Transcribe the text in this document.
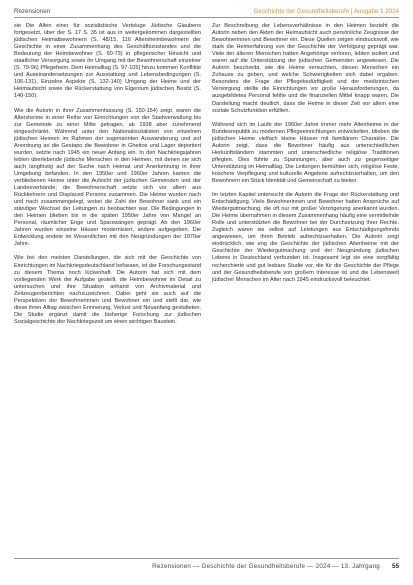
Rezensionen	Geschichte der Gesundheitsberufe | Ausgabe 1 2024

sie Die Alten einer für sozialistische Vertoluge Jüdische Glaubens fortgesetzt, über der S. 17 S. 35 ist aus in weitergekommen dargestellten jüdischen Heimatbewohnern (S. 48/15, 116 Altersheimbewohnern der Geschichte in einer Zusammenhang des Geschäftszustandes und die Bedeutung der Heimbewohner (S. 60-73) in pflegerischer Hinsicht und staatlicher Versorgung sowie ihr Umgang mit der Bewohnerschaft einzelner (S. 79-96) Pflegeheim. Dem Heimalltag (S. 97-105) hinzu kommen Konflikte und Auseinandersetzungen zur Ausstattung und Lebensbedingungen (S. 106-131), Einzelne Aspekte (S. 132-140) Umgang der Heime und der Heimaufsicht sowie die Rückerstattung von Eigentum jüdischen Besitz (S. 140-150).

Wie die Autorin in ihrer Zusammenfassung (S. 150-154) zeigt, waren die Altersheime in einer Reihe von Einrichtungen von der Stadtverwaltung bis zur Gemeinde zu einer Mitte getragen, ab 1938 aber zunehmend eingeschränkt. Während unter den Nationalsozialisten von einzelnen jüdischen Heimen im Rahmen der sogenannten Auswanderung und auf Anordnung an die Gestapo die Bewohner in Ghettos und Lager deportiert wurden, setzte nach 1945 ein neuer Anfang ein. In den Nachkriegsjahren lebten überlebende jüdische Menschen in den Heimen, mit denen sie sich auch langfristig auf der Suche nach Heimat und Anerkennung in ihrer Umgebung befanden. In den 1950er und 1960er Jahren kamen die verbliebenen Heime unter die Aufsicht der jüdischen Gemeinden und der Landesverbände; die Bewohnerschaft setzte sich vor allem aus Rückkehrern und Displaced Persons zusammen. Die Heime wurden nach und nach zusammengelegt, wobei die Zahl der Bewohner sank und ein ständiger Wechsel der Leitungen zu beobachten war. Die Bedingungen in den Heimen blieben bis in die späten 1950er Jahre von Mangel an Personal, räumlicher Enge und Sparzwängen geprägt. Ab den 1960er Jahren wurden einzelne Häuser modernisiert, andere aufgegeben. Die Entwicklung endete im Wesentlichen mit den Neugründungen der 1970er Jahre.

Wie bei den meisten Darstellungen, die sich mit der Geschichte von Einrichtungen im Nachkriegsdeutschland befassen, ist der Forschungsstand zu diesem Thema noch lückenhaft. Die Autorin hat sich mit dem vorliegenden Werk der Aufgabe gestellt, die Heimbewohner im Detail zu untersuchen und ihre Situation anhand von Archivmaterial und Zeitzeugenberichten nachzuzeichnen. Dabei geht sie auch auf die Perspektiven der Bewohnerinnen und Bewohner ein und stellt dar, wie diese ihren Alltag zwischen Erinnerung, Verlust und Neuanfang gestalteten. Die Studie ergänzt damit die bisherige Forschung zur jüdischen Sozialgeschichte der Nachkriegszeit um einen wichtigen Baustein.

Zur Beschreibung der Lebensverhältnisse in den Heimen bezieht die Autorin neben den Akten der Heimaufsicht auch persönliche Zeugnisse der Bewohnerinnen und Bewohner ein. Diese Quellen zeigen eindrucksvoll, wie stark die Heimerfahrung von der Geschichte der Verfolgung geprägt war. Viele der älteren Menschen hatten Angehörige verloren, lebten isoliert und waren auf die Unterstützung der jüdischen Gemeinden angewiesen. Die Autorin beschreibt, wie die Heime versuchten, diesen Menschen ein Zuhause zu geben, und welche Schwierigkeiten sich dabei ergaben. Besonders die Frage der Pflegebedürftigkeit und der medizinischen Versorgung stellte die Einrichtungen vor große Herausforderungen, da ausgebildetes Personal fehlte und die finanziellen Mittel knapp waren. Die Darstellung macht deutlich, dass die Heime in dieser Zeit vor allem eine soziale Schutzfunktion erfüllten.

Während sich im Laufe der 1960er Jahre immer mehr Altenheime in der Bundesrepublik zu modernen Pflegeeinrichtungen entwickelten, blieben die jüdischen Heime vielfach kleine Häuser mit familiärem Charakter. Die Autorin zeigt, dass die Bewohner häufig aus unterschiedlichen Herkunftsländern stammten und unterschiedliche religiöse Traditionen pflegten. Dies führte zu Spannungen, aber auch zu gegenseitiger Unterstützung im Heimalltag. Die Leitungen bemühten sich, religiöse Feste, koschere Verpflegung und kulturelle Angebote aufrechtzuerhalten, um den Bewohnern ein Stück Identität und Gemeinschaft zu bieten.

Im letzten Kapitel untersucht die Autorin die Frage der Rückerstattung und Entschädigung. Viele Bewohnerinnen und Bewohner hatten Ansprüche auf Wiedergutmachung, die oft nur mit großer Verzögerung anerkannt wurden. Die Heime übernahmen in diesem Zusammenhang häufig eine vermittelnde Rolle und unterstützten die Bewohner bei der Durchsetzung ihrer Rechte. Zugleich waren sie selbst auf Leistungen aus Entschädigungsfonds angewiesen, um ihren Betrieb aufrechtzuerhalten. Die Autorin zeigt eindrücklich, wie eng die Geschichte der jüdischen Altenheime mit der Geschichte der Wiedergutmachung und der Neugründung jüdischen Lebens in Deutschland verbunden ist. Insgesamt legt sie eine sorgfältig recherchierte und gut lesbare Studie vor, die für die Geschichte der Pflege und der Gesundheitsberufe von großem Interesse ist und die Lebenswelt jüdischer Menschen im Alter nach 1945 eindrucksvoll beleuchtet.

Rezensionen — Geschichte der Gesundheitsberufe — 2024 — 13. Jahrgang	55
